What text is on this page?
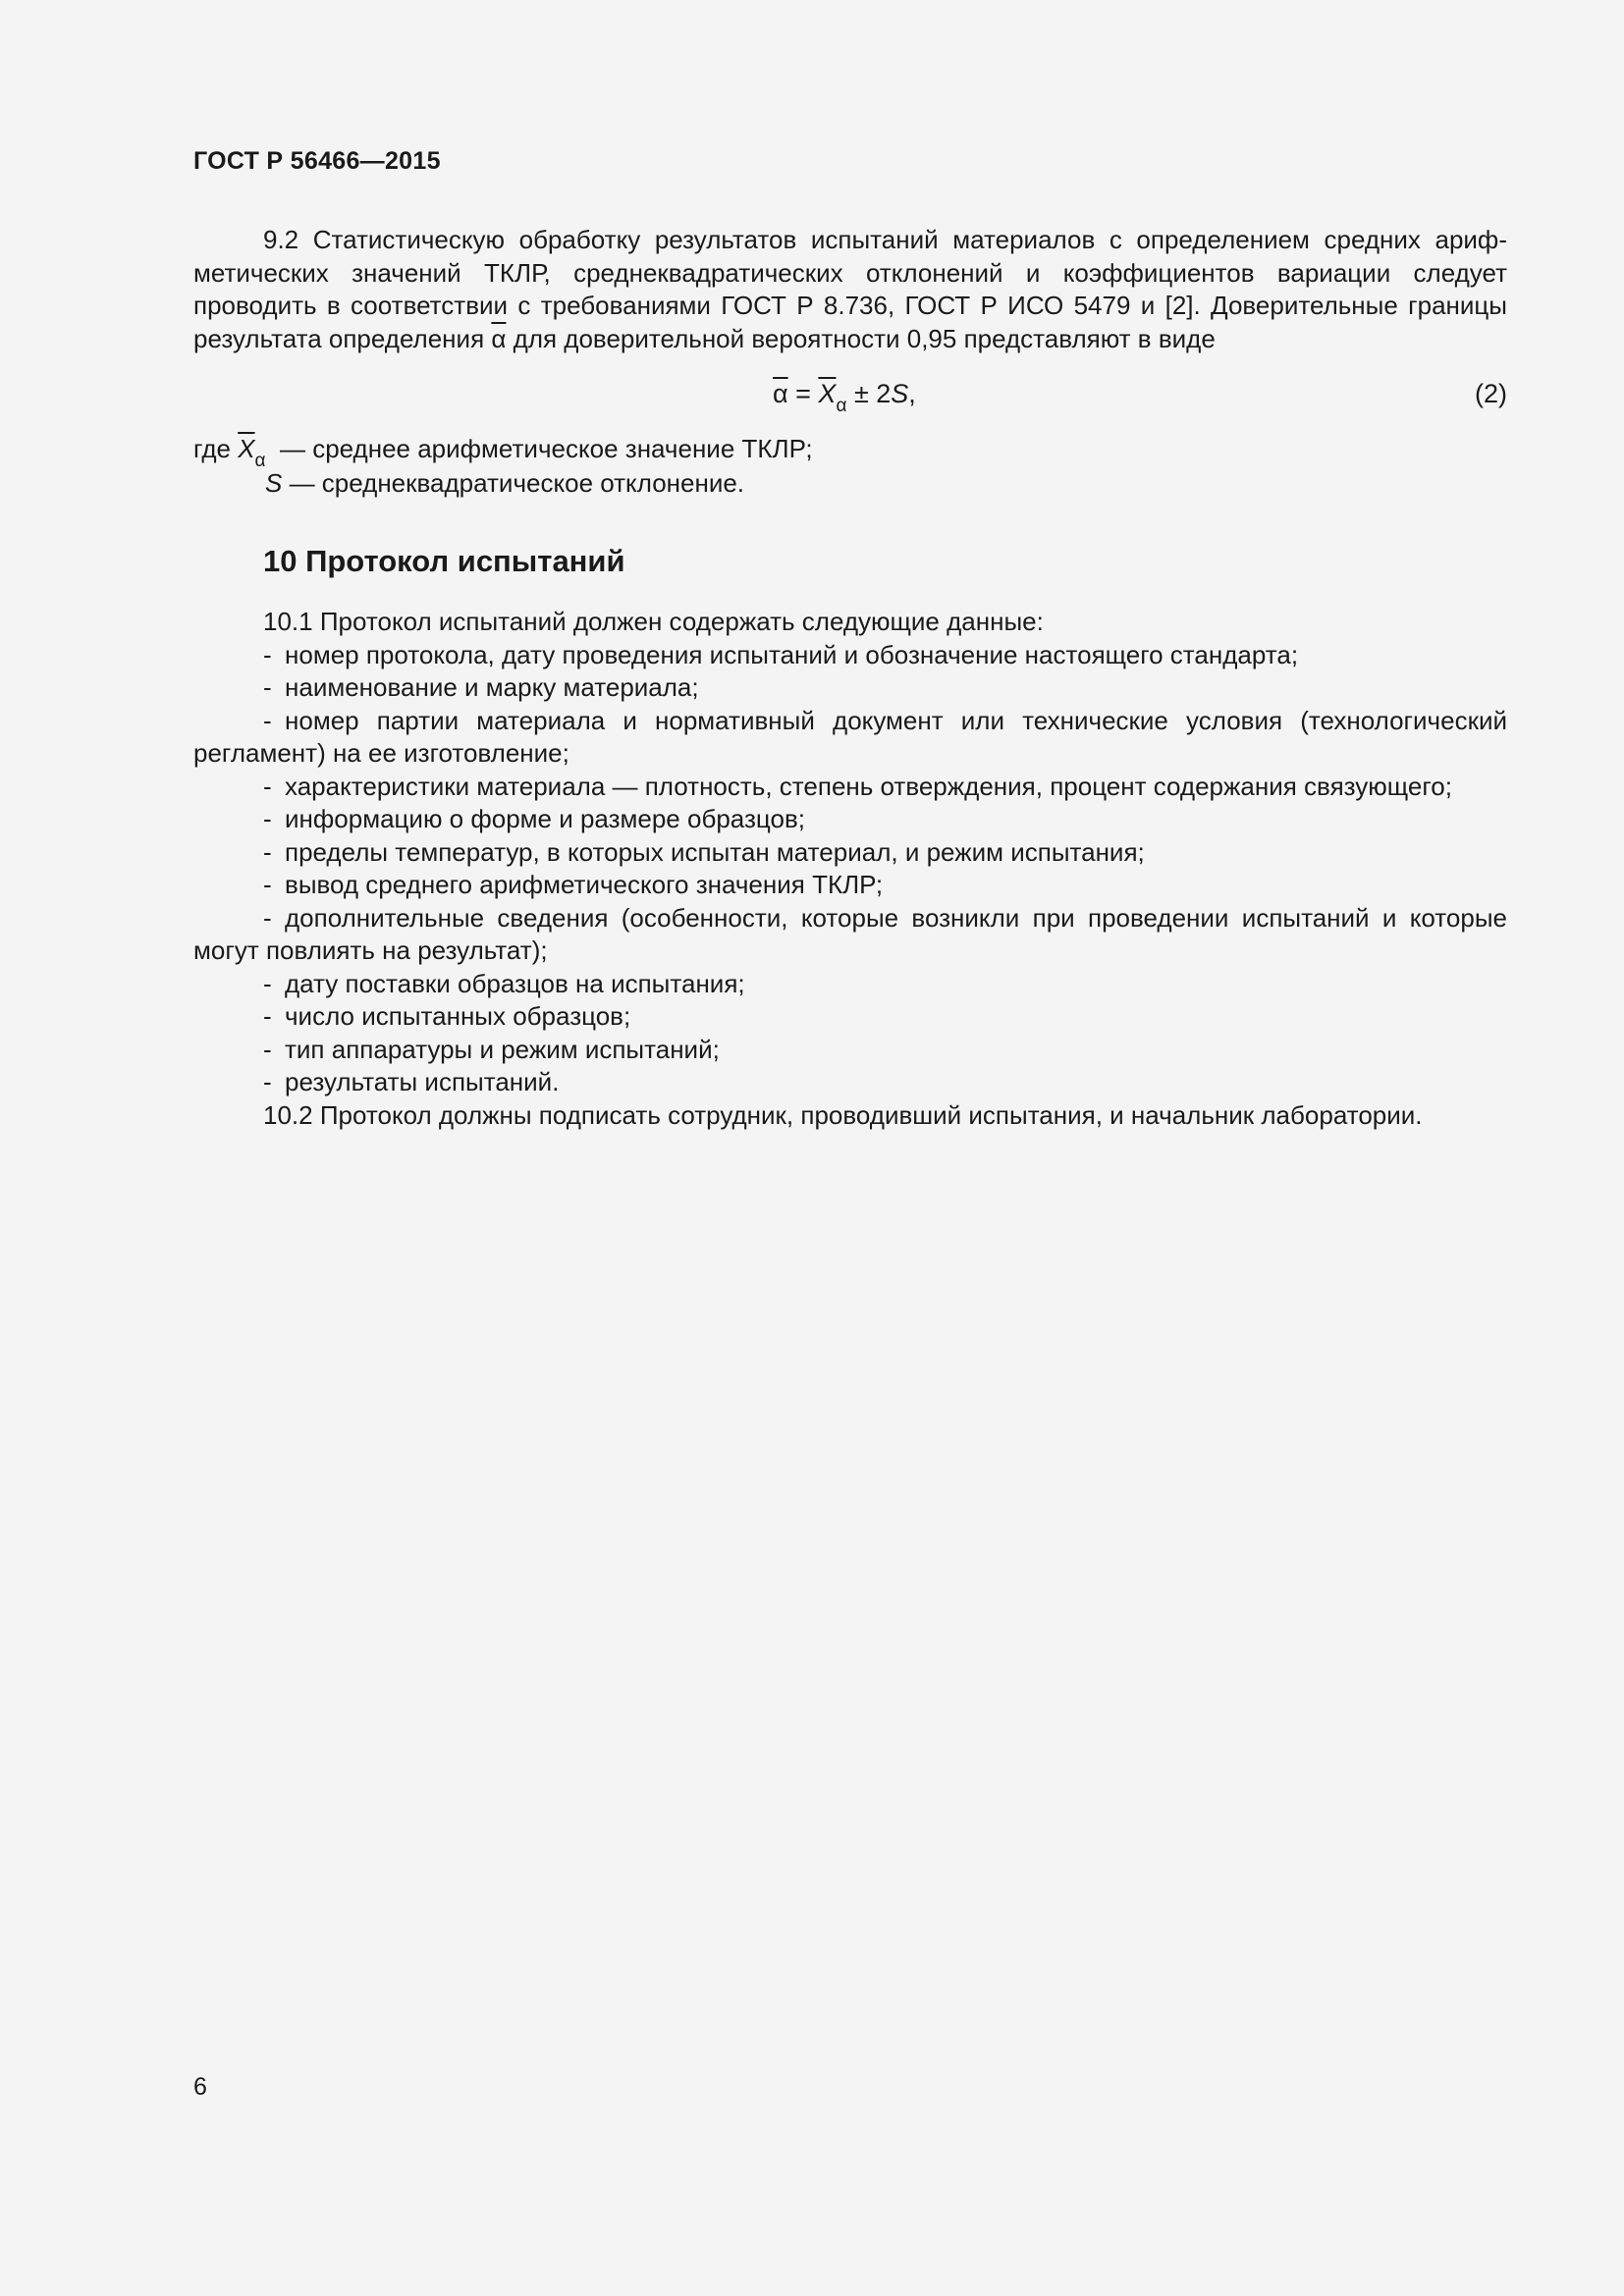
ГОСТ Р 56466—2015

9.2 Статистическую обработку результатов испытаний материалов с определением средних арифметических значений ТКЛР, среднеквадратических отклонений и коэффициентов вариации следует проводить в соответствии с требованиями ГОСТ Р 8.736, ГОСТ Р ИСО 5479 и [2]. Доверительные границы результата определения $\overline{\alpha}$ для доверительной вероятности 0,95 представляют в виде

$\overline{\alpha} = \overline{X}_\alpha \pm 2S$,	(2)
где $\overline{X}_\alpha$ — среднее арифметическое значение ТКЛР;
S — среднеквадратическое отклонение.
10 Протокол испытаний

10.1 Протокол испытаний должен содержать следующие данные:

- номер протокола, дату проведения испытаний и обозначение настоящего стандарта;

- наименование и марку материала;

- номер партии материала и нормативный документ или технические условия (технологический регламент) на ее изготовление;

- характеристики материала — плотность, степень отверждения, процент содержания связующего;

- информацию о форме и размере образцов;

- пределы температур, в которых испытан материал, и режим испытания;

- вывод среднего арифметического значения ТКЛР;

- дополнительные сведения (особенности, которые возникли при проведении испытаний и которые могут повлиять на результат);

- дату поставки образцов на испытания;

- число испытанных образцов;

- тип аппаратуры и режим испытаний;

- результаты испытаний.

10.2 Протокол должны подписать сотрудник, проводивший испытания, и начальник лаборатории.

6
